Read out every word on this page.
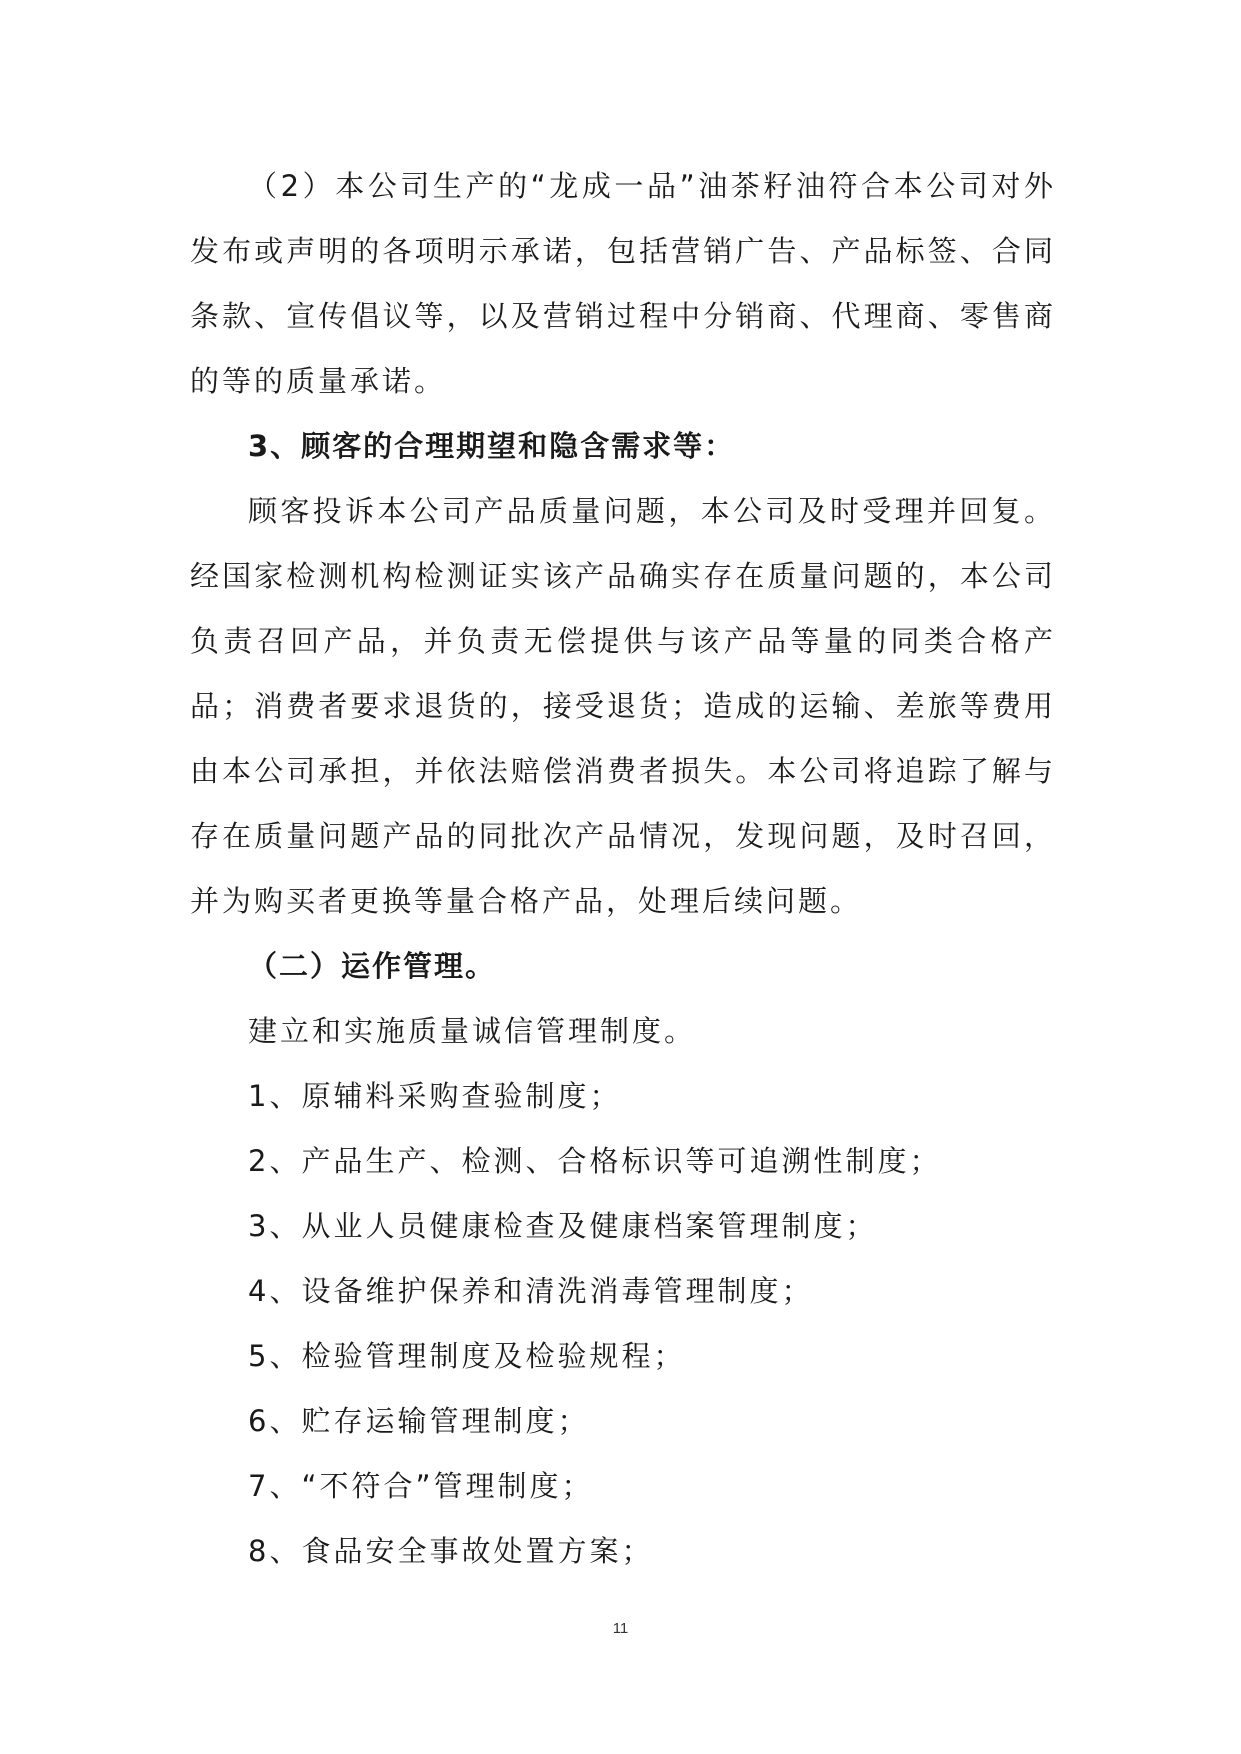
（2）本公司生产的“龙成一品”油茶籽油符合本公司对外发布或声明的各项明示承诺，包括营销广告、产品标签、合同条款、宣传倡议等，以及营销过程中分销商、代理商、零售商的等的质量承诺。

3、顾客的合理期望和隐含需求等：

顾客投诉本公司产品质量问题，本公司及时受理并回复。经国家检测机构检测证实该产品确实存在质量问题的，本公司负责召回产品，并负责无偿提供与该产品等量的同类合格产品；消费者要求退货的，接受退货；造成的运输、差旅等费用由本公司承担，并依法赔偿消费者损失。本公司将追踪了解与存在质量问题产品的同批次产品情况，发现问题，及时召回，并为购买者更换等量合格产品，处理后续问题。

（二）运作管理。

建立和实施质量诚信管理制度。

1、原辅料采购查验制度；

2、产品生产、检测、合格标识等可追溯性制度；

3、从业人员健康检查及健康档案管理制度；

4、设备维护保养和清洗消毒管理制度；

5、检验管理制度及检验规程；

6、贮存运输管理制度；

7、“不符合”管理制度；

8、食品安全事故处置方案；

11
